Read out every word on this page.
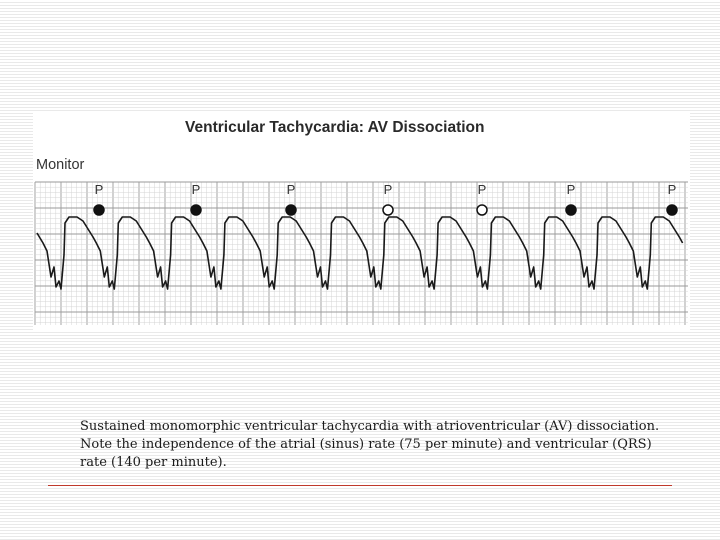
Ventricular Tachycardia: AV Dissociation
Monitor
P	P	P	P	P	P	P

Sustained monomorphic ventricular tachycardia with atrioventricular (AV) dissociation. Note the independence of the atrial (sinus) rate (75 per minute) and ventricular (QRS) rate (140 per minute).
